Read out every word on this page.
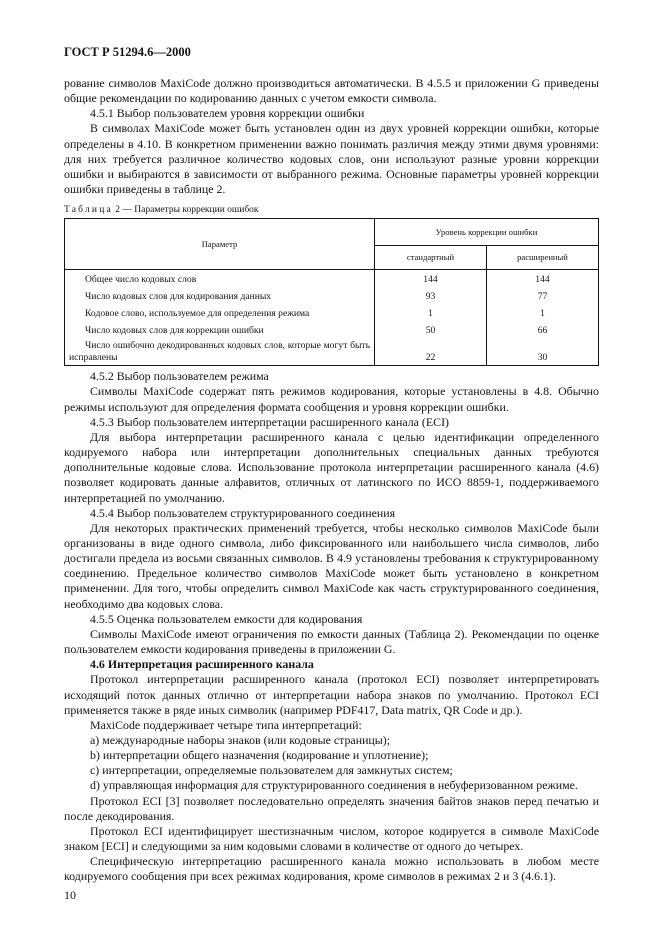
ГОСТ Р 51294.6—2000

рование символов MaxiCode должно производиться автоматически. В 4.5.5 и приложении G приведены общие рекомендации по кодированию данных с учетом емкости символа.

4.5.1 Выбор пользователем уровня коррекции ошибки

В символах MaxiCode может быть установлен один из двух уровней коррекции ошибки, которые определены в 4.10. В конкретном применении важно понимать различия между этими двумя уровнями: для них требуется различное количество кодовых слов, они используют разные уровни коррекции ошибки и выбираются в зависимости от выбранного режима. Основные параметры уровней коррекции ошибки приведены в таблице 2.

Таблица 2 — Параметры коррекции ошибок
Параметр	Уровень коррекции ошибки	
	стандартный	расширенный
Общее число кодовых слов	144	144
Число кодовых слов для кодирования данных	93	77
Кодовое слово, используемое для определения режима	1	1
Число кодовых слов для коррекции ошибки	50	66
Число ошибочно декодированных кодовых слов, которые могут быть исправлены	22	30

4.5.2 Выбор пользователем режима

Символы MaxiCode содержат пять режимов кодирования, которые установлены в 4.8. Обычно режимы используют для определения формата сообщения и уровня коррекции ошибки.

4.5.3 Выбор пользователем интерпретации расширенного канала (ECI)

Для выбора интерпретации расширенного канала с целью идентификации определенного кодируемого набора или интерпретации дополнительных специальных данных требуются дополнительные кодовые слова. Использование протокола интерпретации расширенного канала (4.6) позволяет кодировать данные алфавитов, отличных от латинского по ИСО 8859-1, поддерживаемого интерпретацией по умолчанию.

4.5.4 Выбор пользователем структурированного соединения

Для некоторых практических применений требуется, чтобы несколько символов MaxiCode были организованы в виде одного символа, либо фиксированного или наибольшего числа символов, либо достигали предела из восьми связанных символов. В 4.9 установлены требования к структурированному соединению. Предельное количество символов MaxiCode может быть установлено в конкретном применении. Для того, чтобы определить символ MaxiCode как часть структурированного соединения, необходимо два кодовых слова.

4.5.5 Оценка пользователем емкости для кодирования

Символы MaxiCode имеют ограничения по емкости данных (Таблица 2). Рекомендации по оценке пользователем емкости кодирования приведены в приложении G.

4.6 Интерпретация расширенного канала

Протокол интерпретации расширенного канала (протокол ECI) позволяет интерпретировать исходящий поток данных отлично от интерпретации набора знаков по умолчанию. Протокол ECI применяется также в ряде иных символик (например PDF417, Data matrix, QR Code и др.).

MaxiCode поддерживает четыре типа интерпретаций:

a) международные наборы знаков (или кодовые страницы);

b) интерпретации общего назначения (кодирование и уплотнение);

c) интерпретации, определяемые пользователем для замкнутых систем;

d) управляющая информация для структурированного соединения в небуферизованном режиме.

Протокол ECI [3] позволяет последовательно определять значения байтов знаков перед печатью и после декодирования.

Протокол ECI идентифицирует шестизначным числом, которое кодируется в символе MaxiCode знаком [ECI] и следующими за ним кодовыми словами в количестве от одного до четырех.

Специфическую интерпретацию расширенного канала можно использовать в любом месте кодируемого сообщения при всех режимах кодирования, кроме символов в режимах 2 и 3 (4.6.1).

10
